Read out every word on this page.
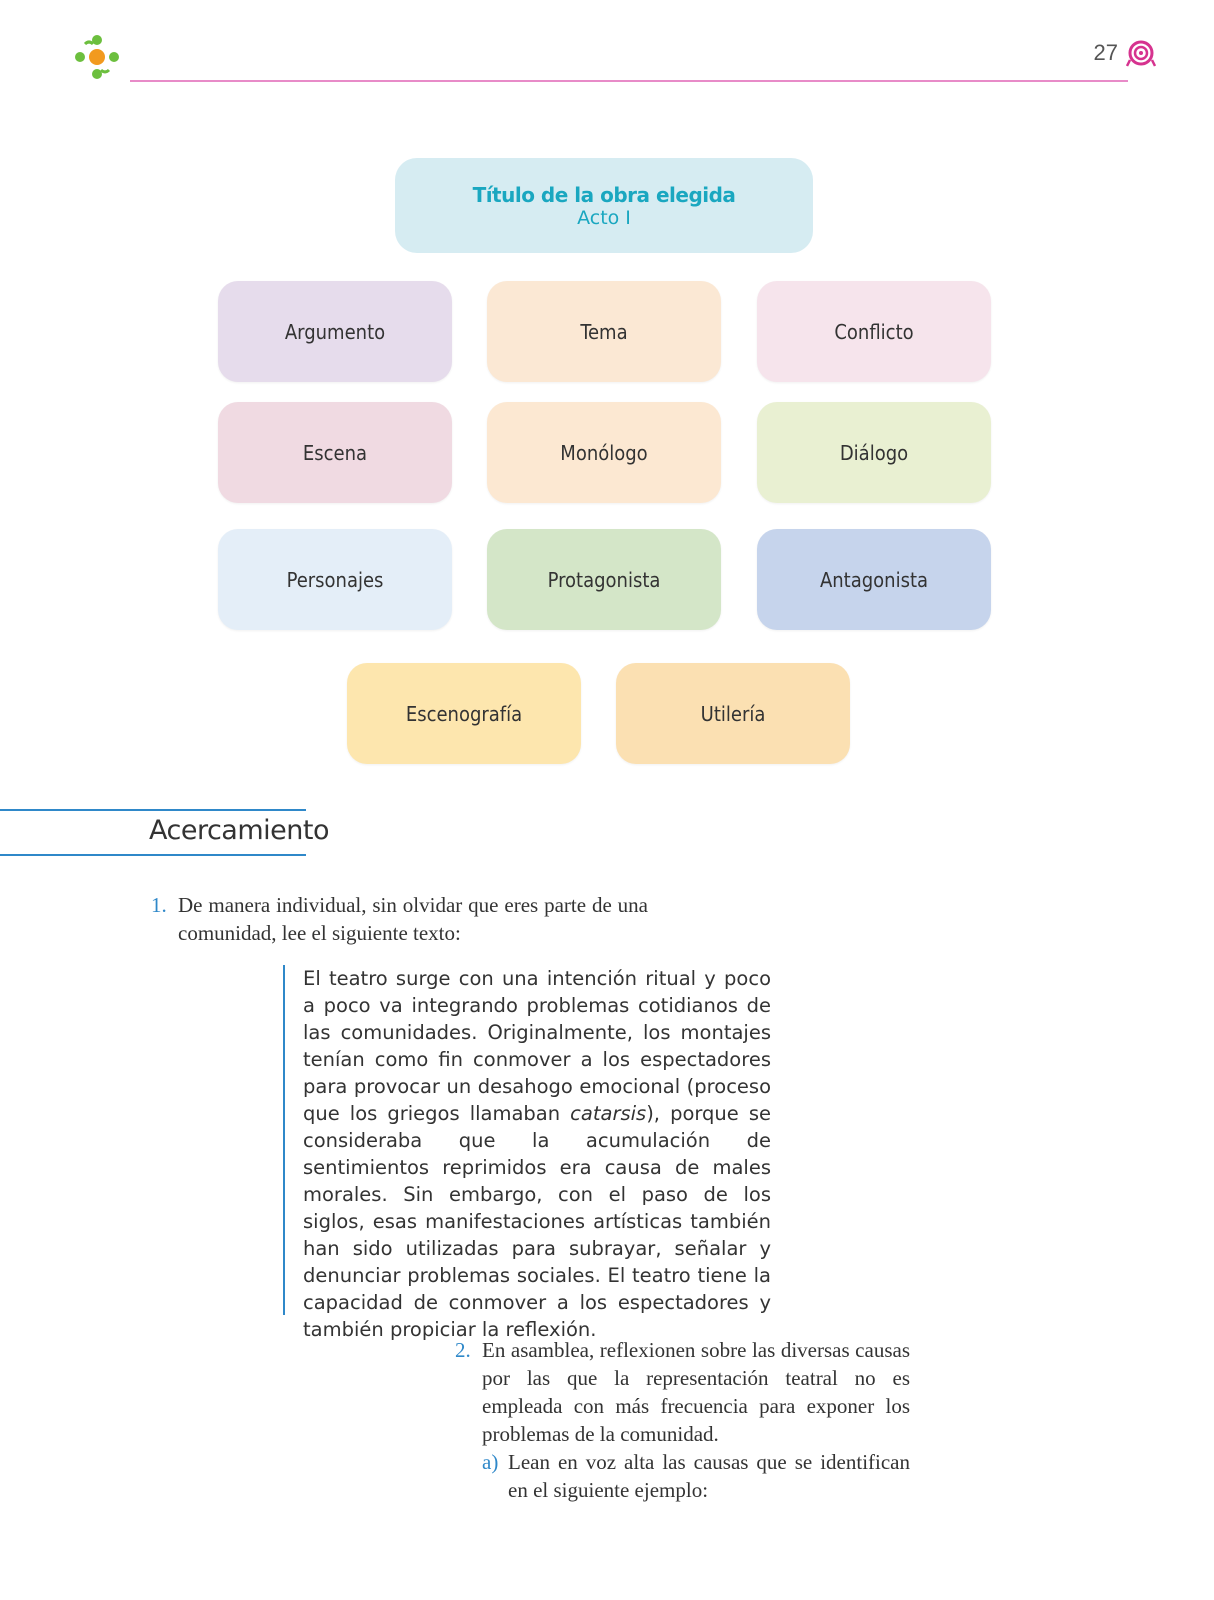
27
Título de la obra elegida
Acto I
Argumento	Tema	Conflicto
Escena	Monólogo	Diálogo
Personajes	Protagonista	Antagonista
Escenografía	Utilería
Acercamiento
1. De manera individual, sin olvidar que eres parte de una comunidad, lee el siguiente texto:

El teatro surge con una intención ritual y poco a poco va integrando problemas cotidianos de las comunidades. Originalmente, los montajes tenían como fin conmover a los espectadores para provocar un desahogo emocional (proceso que los griegos llamaban catarsis), porque se consideraba que la acumulación de sentimientos reprimidos era causa de males morales. Sin embargo, con el paso de los siglos, esas manifestaciones artísticas también han sido utilizadas para subrayar, señalar y denunciar problemas sociales. El teatro tiene la capacidad de conmover a los espectadores y también propiciar la reflexión.

2. En asamblea, reflexionen sobre las diversas causas por las que la representación teatral no es empleada con más frecuencia para exponer los problemas de la comunidad.
a) Lean en voz alta las causas que se identifican en el siguiente ejemplo:
